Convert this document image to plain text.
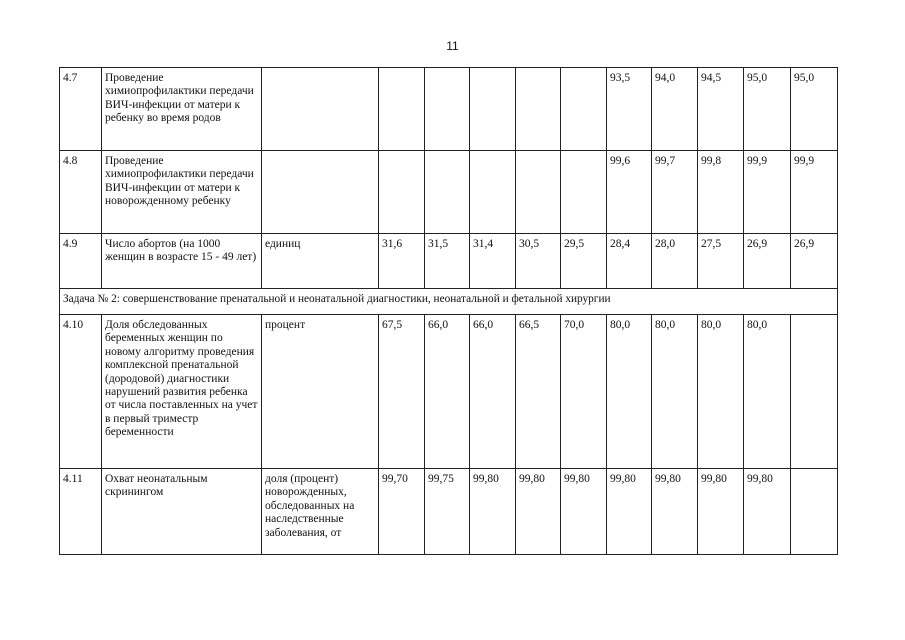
11
4.7	Проведение химиопрофилактики передачи ВИЧ-инфекции от матери к ребенку во время родов							93,5	94,0	94,5	95,0	95,0
4.8	Проведение химиопрофилактики передачи ВИЧ-инфекции от матери к новорожденному ребенку							99,6	99,7	99,8	99,9	99,9
4.9	Число абортов (на 1000 женщин в возрасте 15 - 49 лет)	единиц	31,6	31,5	31,4	30,5	29,5	28,4	28,0	27,5	26,9	26,9
Задача № 2: совершенствование пренатальной и неонатальной диагностики, неонатальной и фетальной хирургии												
4.10	Доля обследованных беременных женщин по новому алгоритму проведения комплексной пренатальной (дородовой) диагностики нарушений развития ребенка от числа поставленных на учет в первый триместр беременности	процент	67,5	66,0	66,0	66,5	70,0	80,0	80,0	80,0	80,0	
4.11	Охват неонатальным скринингом	доля (процент) новорожденных, обследованных на наследственные заболевания, от	99,70	99,75	99,80	99,80	99,80	99,80	99,80	99,80	99,80	
